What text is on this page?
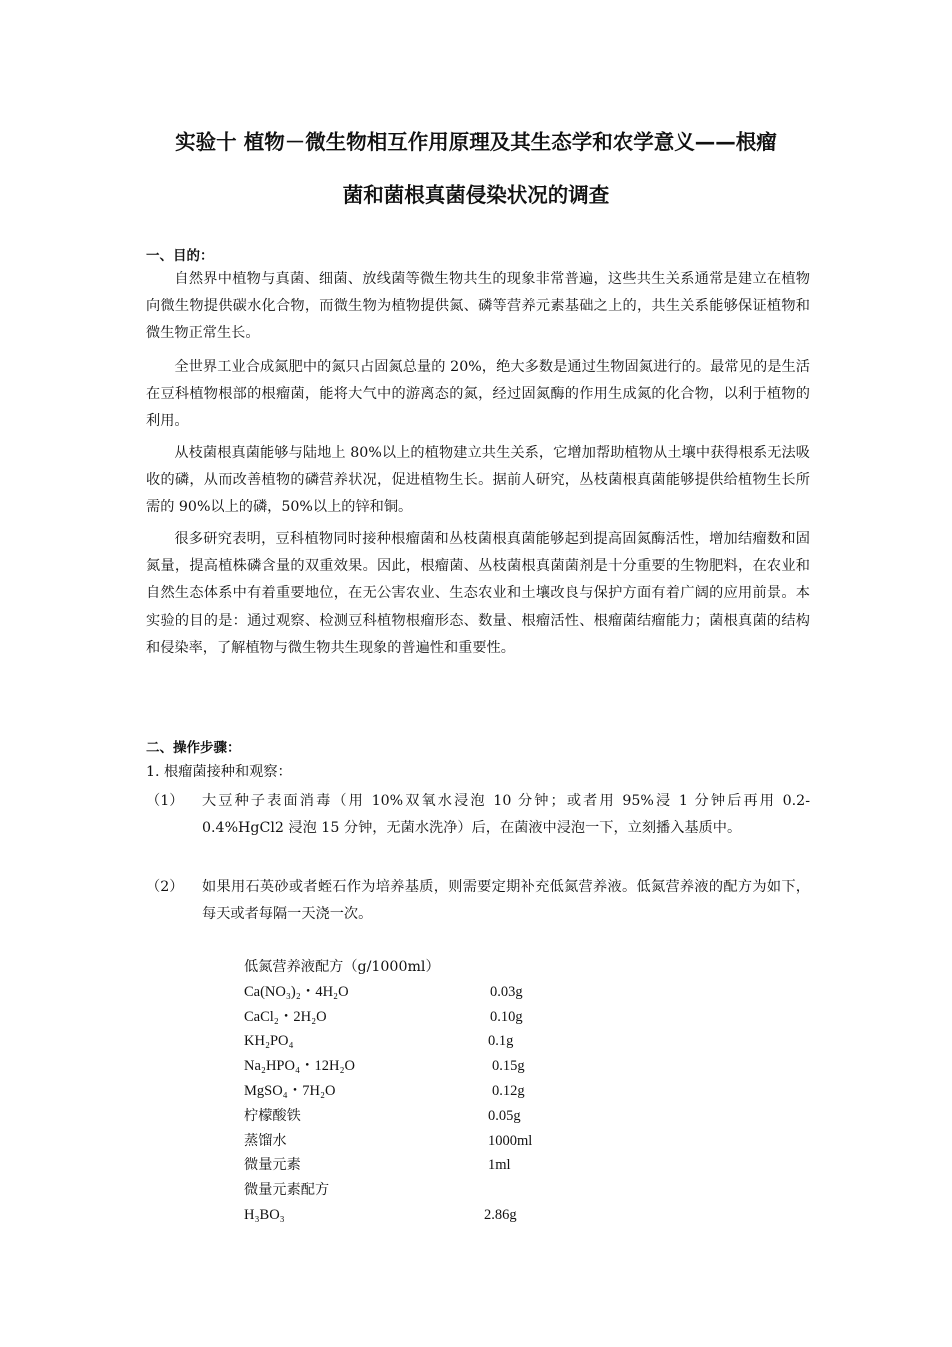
实验十 植物－微生物相互作用原理及其生态学和农学意义——根瘤
菌和菌根真菌侵染状况的调查
一、目的：

自然界中植物与真菌、细菌、放线菌等微生物共生的现象非常普遍，这些共生关系通常是建立在植物向微生物提供碳水化合物，而微生物为植物提供氮、磷等营养元素基础之上的，共生关系能够保证植物和微生物正常生长。

全世界工业合成氮肥中的氮只占固氮总量的 20%，绝大多数是通过生物固氮进行的。最常见的是生活在豆科植物根部的根瘤菌，能将大气中的游离态的氮，经过固氮酶的作用生成氮的化合物，以利于植物的利用。

从枝菌根真菌能够与陆地上 80%以上的植物建立共生关系，它增加帮助植物从土壤中获得根系无法吸收的磷，从而改善植物的磷营养状况，促进植物生长。据前人研究，丛枝菌根真菌能够提供给植物生长所需的 90%以上的磷，50%以上的锌和铜。

很多研究表明，豆科植物同时接种根瘤菌和丛枝菌根真菌能够起到提高固氮酶活性，增加结瘤数和固氮量，提高植株磷含量的双重效果。因此，根瘤菌、丛枝菌根真菌菌剂是十分重要的生物肥料，在农业和自然生态体系中有着重要地位，在无公害农业、生态农业和土壤改良与保护方面有着广阔的应用前景。本实验的目的是：通过观察、检测豆科植物根瘤形态、数量、根瘤活性、根瘤菌结瘤能力；菌根真菌的结构和侵染率，了解植物与微生物共生现象的普遍性和重要性。

二、操作步骤：
1. 根瘤菌接种和观察：
（1） 大豆种子表面消毒（用 10%双氧水浸泡 10 分钟；或者用 95%浸 1 分钟后再用 0.2-0.4%HgCl2 浸泡 15 分钟，无菌水洗净）后，在菌液中浸泡一下，立刻播入基质中。
（2） 如果用石英砂或者蛭石作为培养基质，则需要定期补充低氮营养液。低氮营养液的配方为如下，每天或者每隔一天浇一次。
低氮营养液配方（g/1000ml）
Ca(NO₃)₂・4H₂O	0.03g
CaCl₂・2H₂O	0.10g
KH₂PO₄	0.1g
Na₂HPO₄・12H₂O	0.15g
MgSO₄・7H₂O	0.12g
柠檬酸铁	0.05g
蒸馏水	1000ml
微量元素	1ml
微量元素配方
H₃BO₃	2.86g
